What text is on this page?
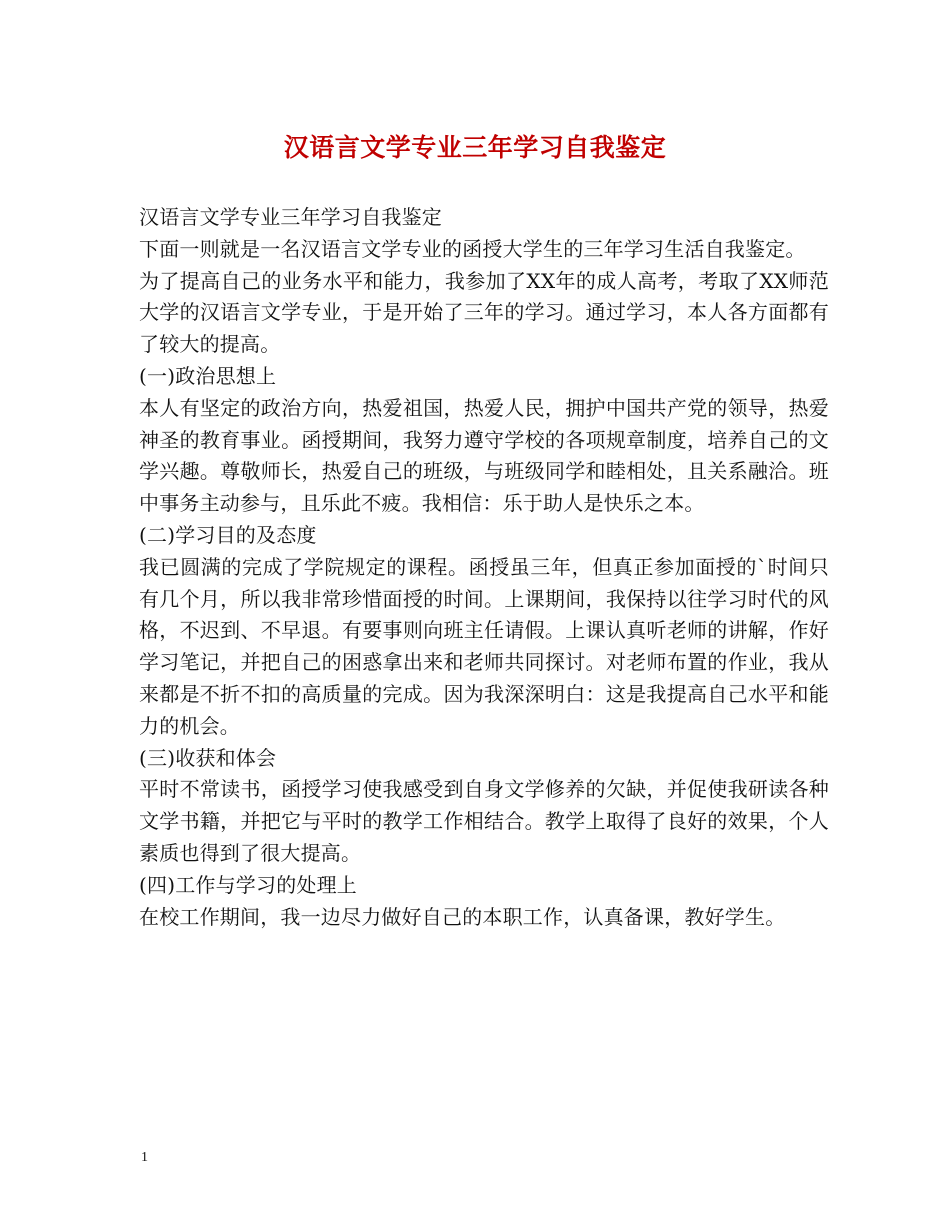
汉语言文学专业三年学习自我鉴定

汉语言文学专业三年学习自我鉴定

下面一则就是一名汉语言文学专业的函授大学生的三年学习生活自我鉴定。

为了提高自己的业务水平和能力，我参加了XX年的成人高考，考取了XX师范大学的汉语言文学专业，于是开始了三年的学习。通过学习，本人各方面都有了较大的提高。

(一)政治思想上

本人有坚定的政治方向，热爱祖国，热爱人民，拥护中国共产党的领导，热爱神圣的教育事业。函授期间，我努力遵守学校的各项规章制度，培养自己的文学兴趣。尊敬师长，热爱自己的班级，与班级同学和睦相处，且关系融洽。班中事务主动参与，且乐此不疲。我相信：乐于助人是快乐之本。

(二)学习目的及态度

我已圆满的完成了学院规定的课程。函授虽三年，但真正参加面授的`时间只有几个月，所以我非常珍惜面授的时间。上课期间，我保持以往学习时代的风格，不迟到、不早退。有要事则向班主任请假。上课认真听老师的讲解，作好学习笔记，并把自己的困惑拿出来和老师共同探讨。对老师布置的作业，我从来都是不折不扣的高质量的完成。因为我深深明白：这是我提高自己水平和能力的机会。

(三)收获和体会

平时不常读书，函授学习使我感受到自身文学修养的欠缺，并促使我研读各种文学书籍，并把它与平时的教学工作相结合。教学上取得了良好的效果，个人素质也得到了很大提高。

(四)工作与学习的处理上

在校工作期间，我一边尽力做好自己的本职工作，认真备课，教好学生。

1
